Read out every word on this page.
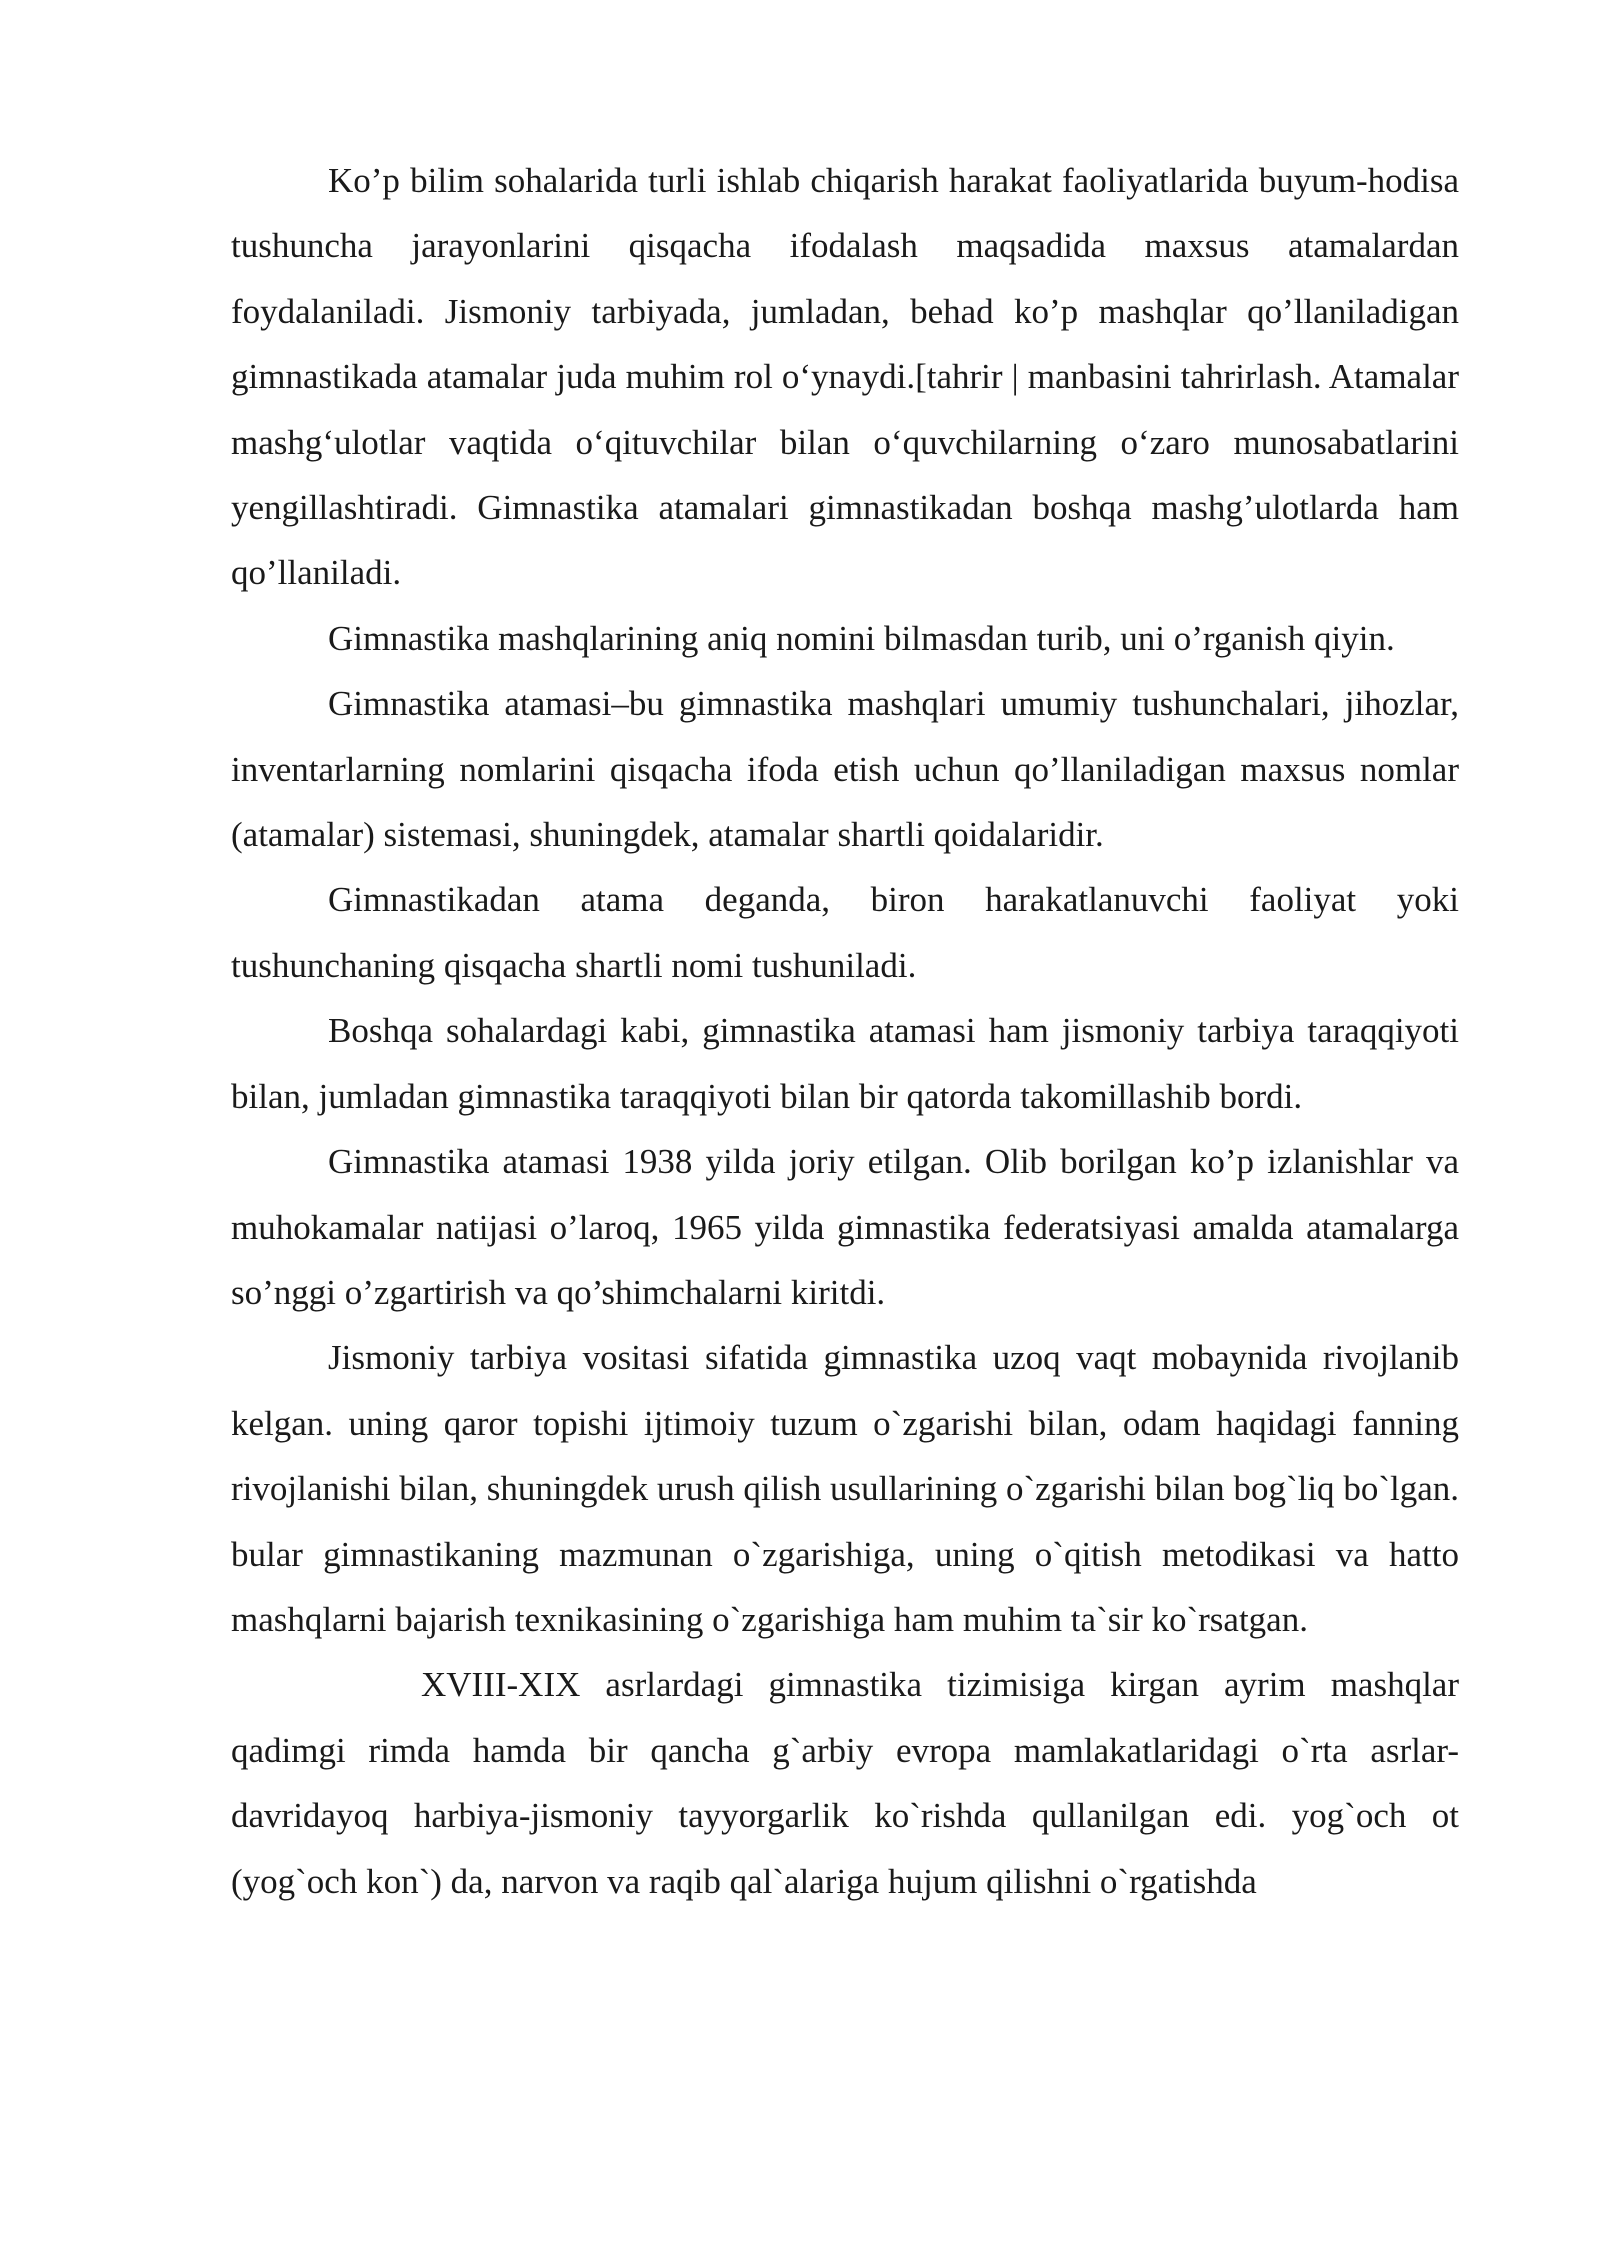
Ko’p bilim sohalarida turli ishlab chiqarish harakat faoliyatlarida buyum-hodisa tushuncha jarayonlarini qisqacha ifodalash maqsadida maxsus atamalardan foydalaniladi. Jismoniy tarbiyada, jumladan, behad ko’p mashqlar qo’llaniladigan gimnastikada atamalar juda muhim rol o‘ynaydi.[tahrir | manbasini tahrirlash. Atamalar mashg‘ulotlar vaqtida o‘qituvchilar bilan o‘quvchilarning o‘zaro munosabatlarini yengillashtiradi. Gimnastika atamalari gimnastikadan boshqa mashg’ulotlarda ham qo’llaniladi.

Gimnastika mashqlarining aniq nomini bilmasdan turib, uni o’rganish qiyin.

Gimnastika atamasi–bu gimnastika mashqlari umumiy tushunchalari, jihozlar, inventarlarning nomlarini qisqacha ifoda etish uchun qo’llaniladigan maxsus nomlar (atamalar) sistemasi, shuningdek, atamalar shartli qoidalaridir.

Gimnastikadan atama deganda, biron harakatlanuvchi faoliyat yoki tushunchaning qisqacha shartli nomi tushuniladi.

Boshqa sohalardagi kabi, gimnastika atamasi ham jismoniy tarbiya taraqqiyoti bilan, jumladan gimnastika taraqqiyoti bilan bir qatorda takomillashib bordi.

Gimnastika atamasi 1938 yilda joriy etilgan. Olib borilgan ko’p izlanishlar va muhokamalar natijasi o’laroq, 1965 yilda gimnastika federatsiyasi amalda atamalarga so’nggi o’zgartirish va qo’shimchalarni kiritdi.

Jismoniy tarbiya vositasi sifatida gimnastika uzoq vaqt mobaynida rivojlanib kelgan. uning qaror topishi ijtimoiy tuzum o`zgarishi bilan, odam haqidagi fanning rivojlanishi bilan, shuningdek urush qilish usullarining o`zgarishi bilan bog`liq bo`lgan. bular gimnastikaning mazmunan o`zgarishiga, uning o`qitish metodikasi va hatto mashqlarni bajarish texnikasining o`zgarishiga ham muhim ta`sir ko`rsatgan.

XVIII-XIX asrlardagi gimnastika tizimisiga kirgan ayrim mashqlar qadimgi rimda hamda bir qancha g`arbiy evropa mamlakatlaridagi o`rta asrlar-davridayoq harbiya-jismoniy tayyorgarlik ko`rishda qullanilgan edi. yog`och ot (yog`och kon`) da, narvon va raqib qal`alariga hujum qilishni o`rgatishda
